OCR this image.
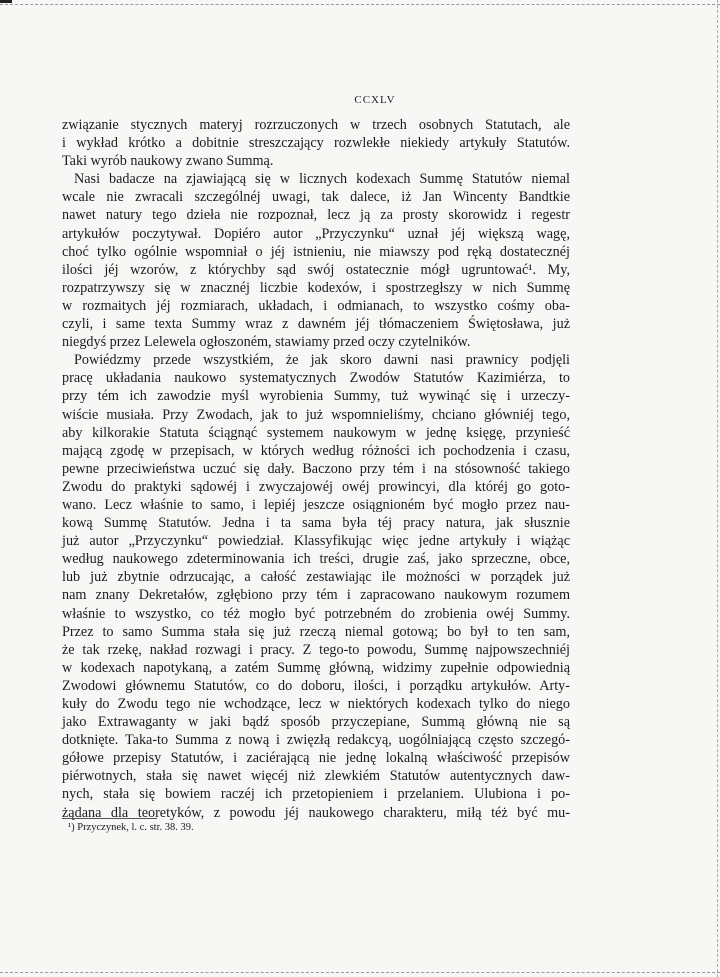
CCXLV
związanie stycznych materyj rozrzuczonych w trzech osobnych Statutach, ale
i wykład krótko a dobitnie streszczający rozwlekłe niekiedy artykuły Statutów.
Taki wyrób naukowy zwano Summą.
Nasi badacze na zjawiającą się w licznych kodexach Summę Statutów niemal
wcale nie zwracali szczególnéj uwagi, tak dalece, iż Jan Wincenty Bandtkie
nawet natury tego dzieła nie rozpoznał, lecz ją za prosty skorowidz i regestr
artykułów poczytywał. Dopiéro autor „Przyczynku“ uznał jéj większą wagę,
choć tylko ogólnie wspomniał o jéj istnieniu, nie miawszy pod ręką dostatecznéj
ilości jéj wzorów, z którychby sąd swój ostatecznie mógł ugruntować¹. My,
rozpatrzywszy się w znacznéj liczbie kodexów, i spostrzegłszy w nich Summę
w rozmaitych jéj rozmiarach, układach, i odmianach, to wszystko cośmy oba-
czyli, i same texta Summy wraz z dawném jéj tłómaczeniem Świętosława, już
niegdyś przez Lelewela ogłoszoném, stawiamy przed oczy czytelników.
Powiédzmy przede wszystkiém, że jak skoro dawni nasi prawnicy podjęli
pracę układania naukowo systematycznych Zwodów Statutów Kazimiérza, to
przy tém ich zawodzie myśl wyrobienia Summy, tuż wywinąć się i urzeczy-
wiście musiała. Przy Zwodach, jak to już wspomnieliśmy, chciano główniéj tego,
aby kilkorakie Statuta ściągnąć systemem naukowym w jednę księgę, przynieść
mającą zgodę w przepisach, w których według różności ich pochodzenia i czasu,
pewne przeciwieństwa uczuć się dały. Baczono przy tém i na stósowność takiego
Zwodu do praktyki sądowéj i zwyczajowéj owéj prowincyi, dla któréj go goto-
wano. Lecz właśnie to samo, i lepiéj jeszcze osiągnioném być mogło przez nau-
kową Summę Statutów. Jedna i ta sama była téj pracy natura, jak słusznie
już autor „Przyczynku“ powiedział. Klassyfikując więc jedne artykuły i wiążąc
według naukowego zdeterminowania ich treści, drugie zaś, jako sprzeczne, obce,
lub już zbytnie odrzucając, a całość zestawiając ile możności w porządek już
nam znany Dekretałów, zgłębiono przy tém i zapracowano naukowym rozumem
właśnie to wszystko, co téż mogło być potrzebném do zrobienia owéj Summy.
Przez to samo Summa stała się już rzeczą niemal gotową; bo był to ten sam,
że tak rzekę, nakład rozwagi i pracy. Z tego-to powodu, Summę najpowszechniéj
w kodexach napotykaną, a zatém Summę główną, widzimy zupełnie odpowiednią
Zwodowi głównemu Statutów, co do doboru, ilości, i porządku artykułów. Arty-
kuły do Zwodu tego nie wchodzące, lecz w niektórych kodexach tylko do niego
jako Extrawaganty w jaki bądź sposób przyczepiane, Summą główną nie są
dotknięte. Taka-to Summa z nową i zwięzłą redakcyą, uogólniającą często szczegó-
gółowe przepisy Statutów, i zaciérającą nie jednę lokalną właściwość przepisów
piérwotnych, stała się nawet więcéj niż zlewkiém Statutów autentycznych daw-
nych, stała się bowiem raczéj ich przetopieniem i przelaniem. Ulubiona i po-
żądana dla teoretyków, z powodu jéj naukowego charakteru, miłą téż być mu-
¹) Przyczynek, l. c. str. 38. 39.
